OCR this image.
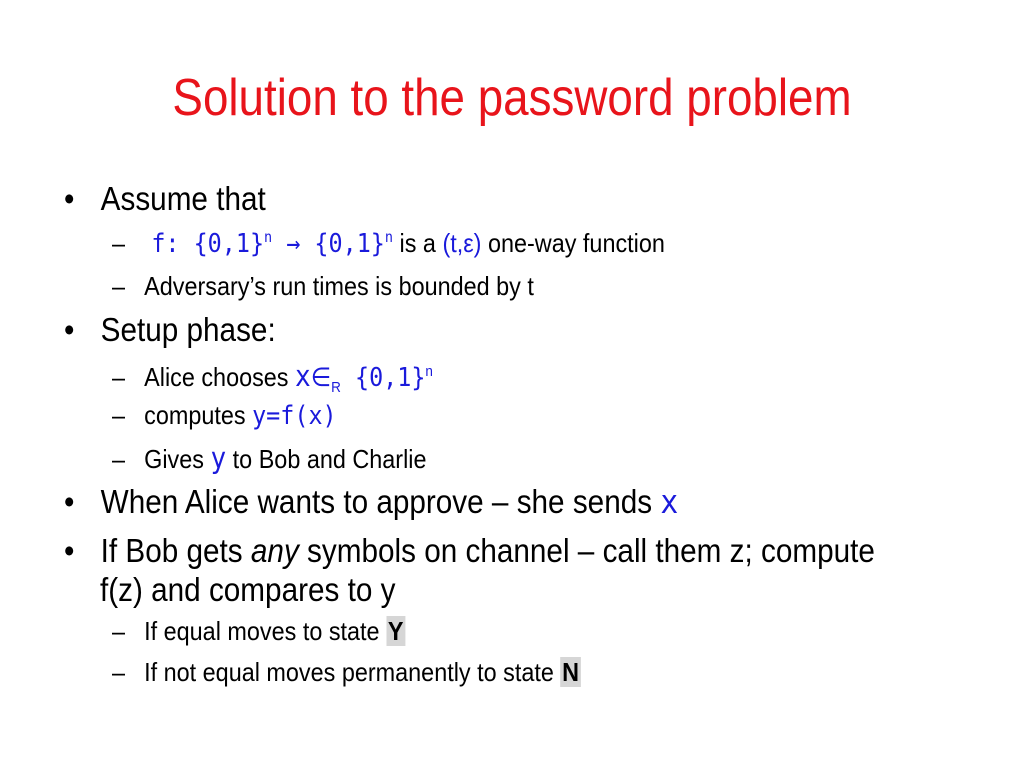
Solution to the password problem
• Assume that
– f: $\{0,1\}^n \to \{0,1\}^n$ is a (t,ε) one-way function
– Adversary’s run times is bounded by t
• Setup phase:
– Alice chooses $x\in_R$ $\{0,1\}^n$
– computes y=f(x)
– Gives y to Bob and Charlie
• When Alice wants to approve – she sends x
• If Bob gets any symbols on channel – call them z; compute
f(z) and compares to y
– If equal moves to state Y
– If not equal moves permanently to state N
